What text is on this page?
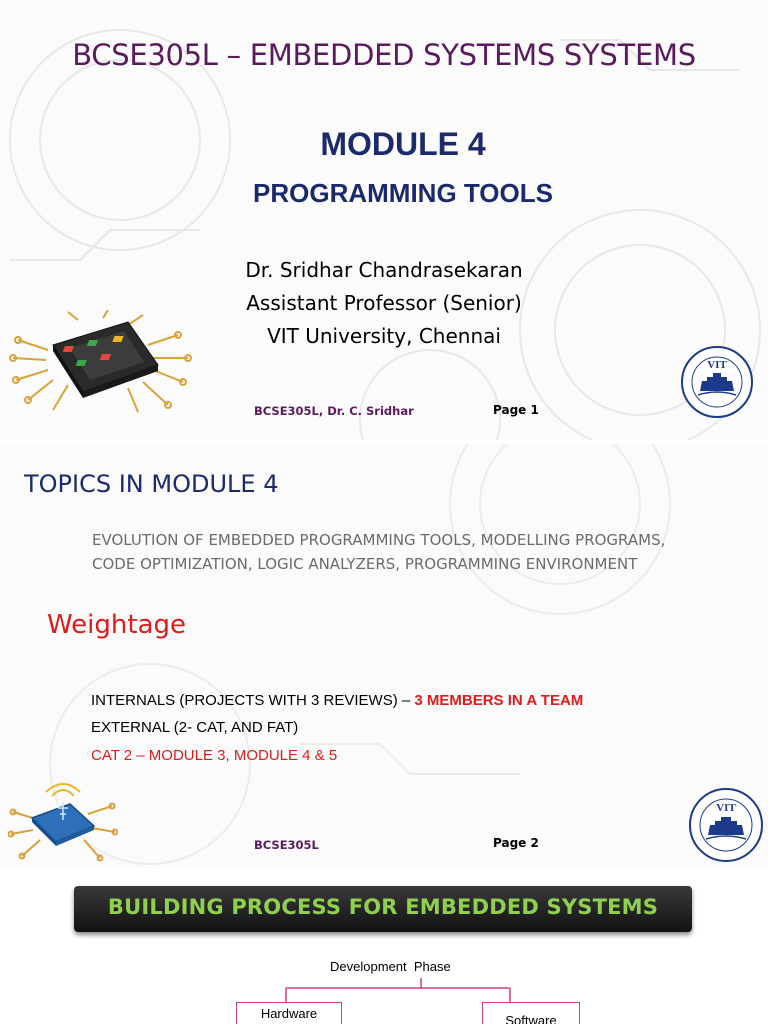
BCSE305L – EMBEDDED SYSTEMS SYSTEMS
MODULE 4
PROGRAMMING TOOLS
Dr. Sridhar Chandrasekaran
Assistant Professor (Senior)
VIT University, Chennai
VIT
BCSE305L, Dr. C. Sridhar	Page 1
TOPICS IN MODULE 4
EVOLUTION OF EMBEDDED PROGRAMMING TOOLS, MODELLING PROGRAMS, CODE OPTIMIZATION, LOGIC ANALYZERS, PROGRAMMING ENVIRONMENT
Weightage
INTERNALS (PROJECTS WITH 3 REVIEWS) – 3 MEMBERS IN A TEAM
EXTERNAL (2- CAT, AND FAT)
CAT 2 – MODULE 3, MODULE 4 & 5
VIT
BCSE305L	Page 2
BUILDING PROCESS FOR EMBEDDED SYSTEMS
Development  Phase
Hardware	Software
